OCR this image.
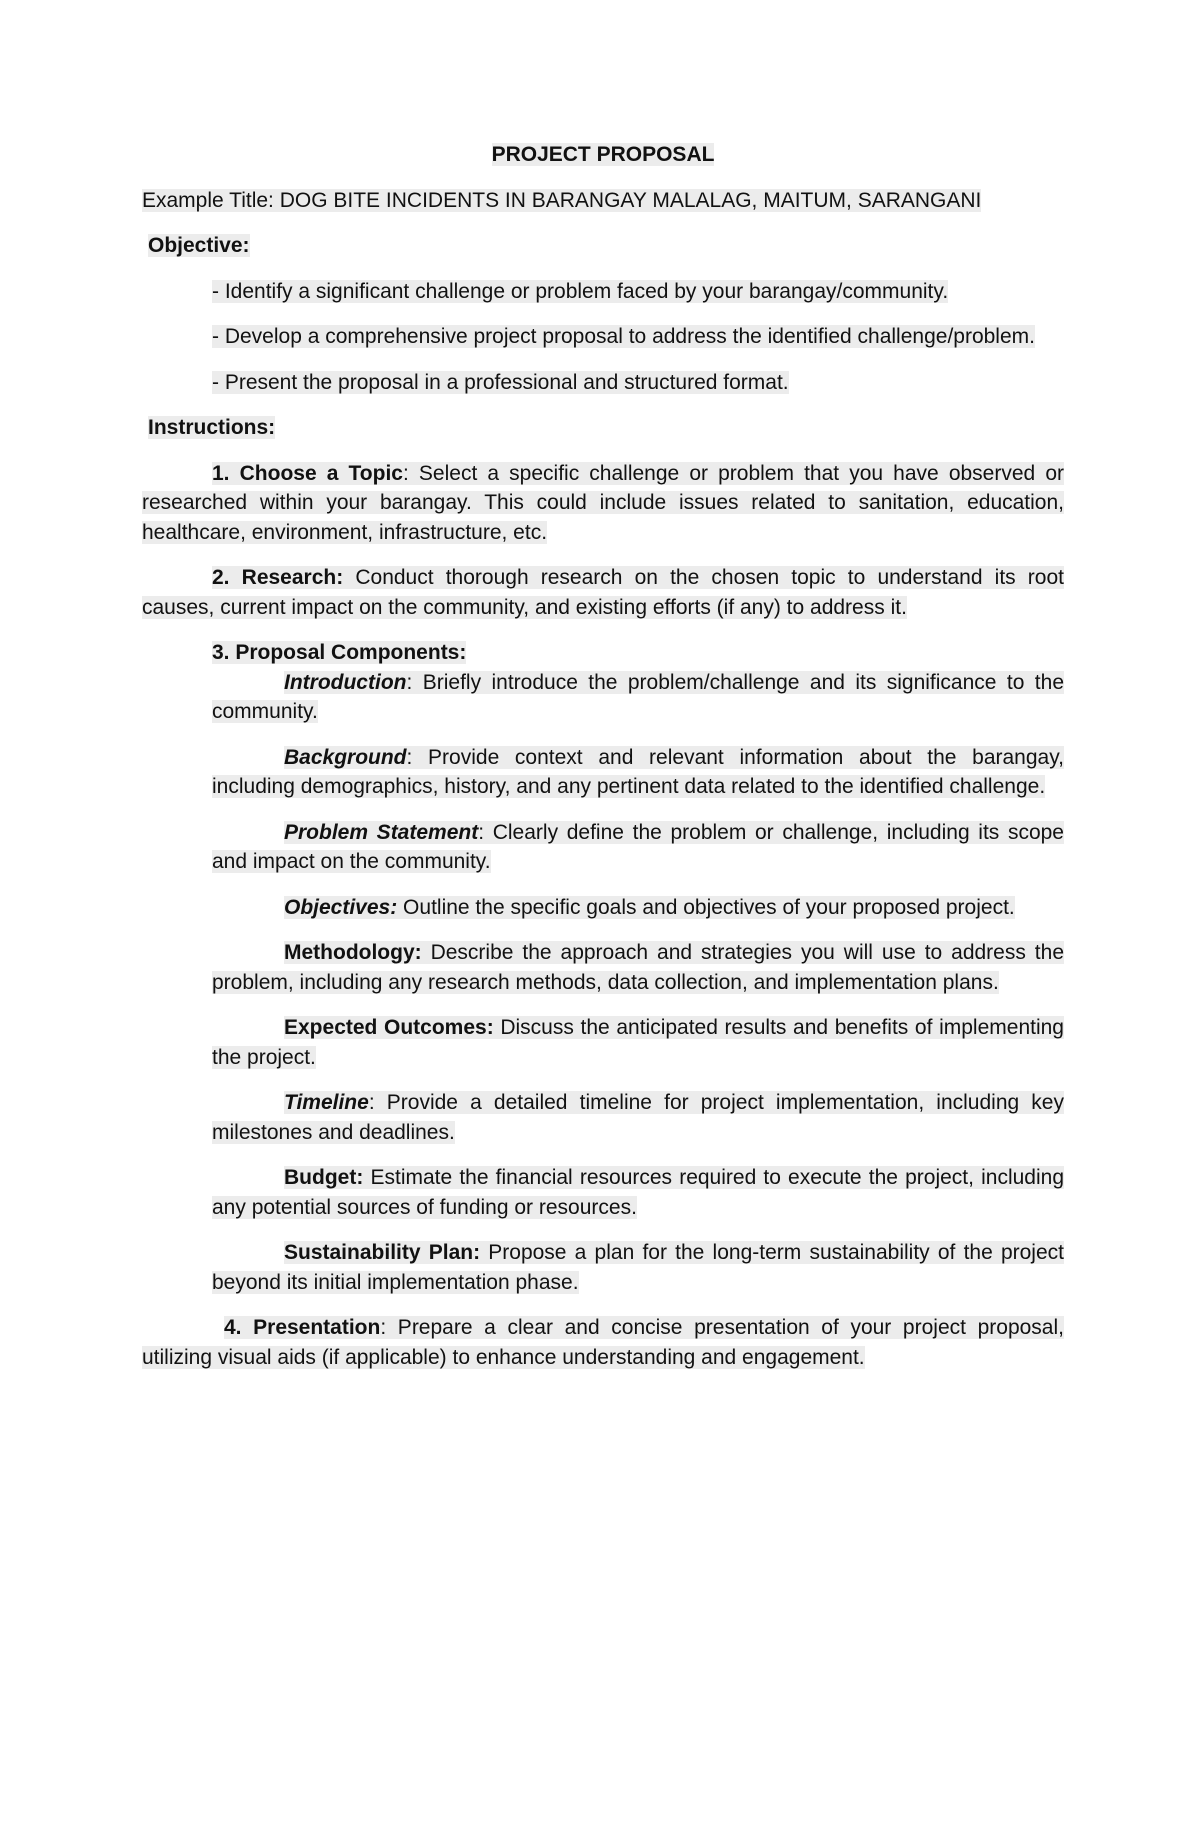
PROJECT PROPOSAL

Example Title: DOG BITE INCIDENTS IN BARANGAY MALALAG, MAITUM, SARANGANI

Objective:

- Identify a significant challenge or problem faced by your barangay/community.

- Develop a comprehensive project proposal to address the identified challenge/problem.

- Present the proposal in a professional and structured format.

Instructions:

1. Choose a Topic: Select a specific challenge or problem that you have observed or researched within your barangay. This could include issues related to sanitation, education, healthcare, environment, infrastructure, etc.

2. Research: Conduct thorough research on the chosen topic to understand its root causes, current impact on the community, and existing efforts (if any) to address it.

3. Proposal Components:

Introduction: Briefly introduce the problem/challenge and its significance to the community.

Background: Provide context and relevant information about the barangay, including demographics, history, and any pertinent data related to the identified challenge.

Problem Statement: Clearly define the problem or challenge, including its scope and impact on the community.

Objectives: Outline the specific goals and objectives of your proposed project.

Methodology: Describe the approach and strategies you will use to address the problem, including any research methods, data collection, and implementation plans.

Expected Outcomes: Discuss the anticipated results and benefits of implementing the project.

Timeline: Provide a detailed timeline for project implementation, including key milestones and deadlines.

Budget: Estimate the financial resources required to execute the project, including any potential sources of funding or resources.

Sustainability Plan: Propose a plan for the long-term sustainability of the project beyond its initial implementation phase.

4. Presentation: Prepare a clear and concise presentation of your project proposal, utilizing visual aids (if applicable) to enhance understanding and engagement.
